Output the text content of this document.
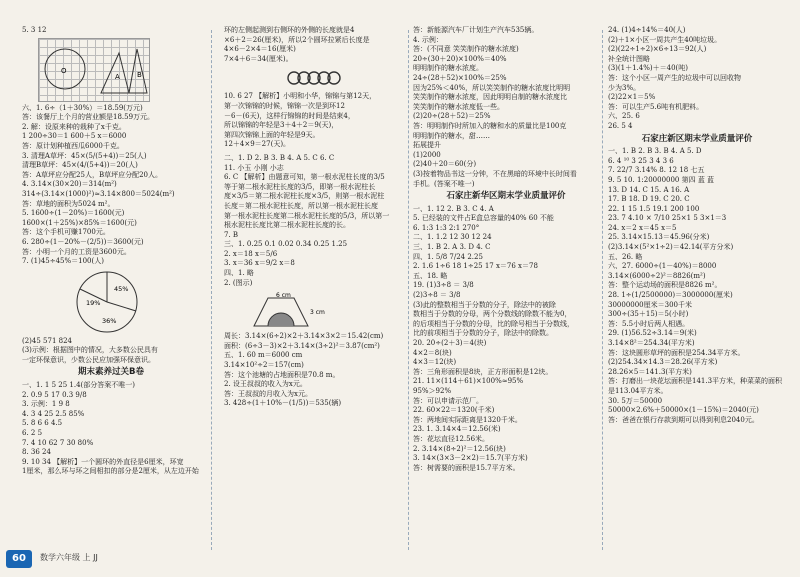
5. 3 12
O
A B
六、1. 6÷（1＋30%）＝18.59(万元)
答：该餐厅上个月的营业额是18.59万元。
2. 解：设原来种的栽种了x千克。
1 200÷30＝1 600＋5 x＝6000
答：原计划种植西瓜6000千克。
3. 清理A草坪：45×(5/(5+4))＝25(人)
清理B草坪：45×(4/(5+4))＝20(人)
答：A草坪应分配25人，B草坪应分配20人。
4. 3.14×(30×20)＝314(m²)
314÷(3.14×(1000)²)≈3.14×800＝5024(m²)
答：草地的面积为5024 m²。
5. 1600÷(1－20%)＝1600(元)
1600×(1＋25%)×85%＝1600(元)
答：这个手机可赚1700元。
6. 280÷(1－20%－(2/5))＝3600(元)
答：小明一个月的工资是3600元。
7. (1)45÷45%＝100(人)
45%
19%
36%
(2)45 571 824
(3)示例：根据图中的情况，大多数公民具有
一定环保意识，少数公民应加强环保意识。
期末素养过关B卷
一、1. 1 5 25 1.4(部分答案不唯一)
2. 0.9 5 17 0.3 9/8
3. 示例：1 9 8
4. 3 4 25 2.5 85%
5. 8 6 6 4.5
6. 2 5
7. 4 10 62 7 30 80%
8. 36 24
9. 10 34 【解析】一个圆环的外直径是6厘米，环宽
1厘米，那么环与环之间相扣的部分是2厘米，从左边开始
环的左侧起测到右侧环的外侧的长度就是4
×6＋2＝26(厘米)，所以2个圆环拉紧后长度是
4×6－2×4＝16(厘米)
7×4＋6＝34(厘米)。
10. 6 27 【解析】小明和小华，锦锦与第12天，
第一次锦锦的时候，锦锦一次是到环12
－6－(6天)，这样行锦锦的时间是结束4，
所以锦锦的年轻是3＋4＋2＝9(天)，
第四次锦锦上面的年轻是9天。
12＋4×9＝27(天)。
二、1. D 2. B 3. B 4. A 5. C 6. C
11. 小玉 小刚 小志
6. C 【解析】由题意可知，第一根水泥柱长度的3/5
等于第二根水泥柱长度的3/5，即第一根水泥柱长
度×3/5＝第二根水泥柱长度×3/5，则第一根水泥柱
长度＝第二根水泥柱长度，所以第一根水泥柱长度
第一根水泥柱长度第二根水泥柱长度的5/3，所以第一
根水泥柱长度比第二根水泥柱长度的长。
7. B
三、1. 0.25 0.1 0.02 0.34 0.25 1.25
2. x＝18 x＝5/6
3. x＝36 x＝9/2 x＝8
四、1. 略
2. (图示)
6 cm
3 cm
周长：3.14×(6÷2)×2＋3.14×3×2＝15.42(cm)
面积：(6÷3－3)×2＋3.14×(3÷2)²＝3.87(cm²)
五、1. 60 m＝6000 cm
3.14×10²÷2＝157(cm)
答：这个池塘的占地面积是70.8 m。
2. 设王叔叔的收入为x元。
答：王叔叔的月收入为x元。
3. 428÷(1＋10%－(1/5))＝535(辆)
答：新能源汽车厂计划生产汽车535辆。
4. 示例：
答：(不同意 笑笑制作的糖水浓度)
20÷(30＋20)×100%＝40%
明明制作的糖水浓度。
24÷(28＋52)×100%＝25%
因为25%＜40%，所以笑笑制作的糖水浓度比明明
笑笑制作的糖水浓度，因此明明自制的糖水浓度比
笑笑制作的糖水浓度低一些。
(2)20÷(28＋52)＝25%
答：明明制作时所加入的糖和水的质量比是100克
明明制作的糖水，甜……
拓展提升
(1)2000
(2)40＋20＝60(分)
(3)按着物品书这一分钟，不在黑暗的环境中长时间看
手机。(答案不唯一)
石家庄新华区期末学业质量评价
一、1. 12 2. B 3. C 4. A
5. 已经装的文件占E盒总容量的40% 60 不能
6. 1:3 1:3 2:1 270°
二、1. 1.2 12 30 12 24
三、1. B 2. A 3. D 4. C
四、1. 5/8 7/24 2.25
2. 1.6 1÷6 18 1÷25 17 x＝76 x＝78
五、18. 略
19. (1)3÷8 ＝ 3/8
(2)3÷8 ＝ 3/8
(3)此的整数相当于分数的分子，除法中的被除
数相当于分数的分母，两个分数线的除数不能为0，
的后项相当于分数的分母，比的除号相当于分数线，
比的前项相当于分数的分子，除法中的除数。
20. 20÷(2＋3)＝4(块)
4×2＝8(块)
4×3＝12(块)
答：三角形面积是8块，正方形面积是12块。
21. 11×(114＋61)×100%≈95%
95%＞92%
答：可以申请示范厂。
22. 60×22＝1320(千米)
答：两地间实际距离是1320千米。
23. 1. 3.14×4＝12.56(米)
答：花坛直径12.56米。
2. 3.14×(8÷2)²＝12.56(块)
3. 14×(3×3－2×2)＝15.7(平方米)
答：树需要的面积是15.7平方米。
24. (1)4÷14%＝40(人)
(2)＋1×小区一周共产生40吨垃圾。
(2)(22÷1÷2)×6÷13＝92(人)
补全统计图略
(3)(1＋1.4%)＋＝40(吨)
答：这个小区一周产生的垃圾中可以回收物
少为3%。
(2)22×1＝5%
答：可以生产5.6吨有机肥料。
六、25. 6
26. 5 4
石家庄新区期末学业质量评价
一、1. B 2. B 3. B 4. A 5. D
6. 4 ¹⁰ 3 25 3 4 3 6
7. 22/7 3.14% 8. 12 18 七五
9. 5 10. 1:20000000 第四 蓝 蓝
13. D 14. C 15. A 16. A
17. B 18. D 19. C 20. C
22. 1 15 1.5 19.1 200 100
23. 7 4.10 × 7/10 25×1 5 3×1＝3
24. x＝2 x＝45 x＝5
25. 3.14×15.13＝45.96(分米)
(2)3.14×(5²×1÷2)＝42.14(平方分米)
五、26. 略
六、27. 6000÷(1－40%)＝8000
3.14×(6000÷2)²＝8826(m²)
答：整个运动场的面积是8826 m²。
28. 1÷(1/2500000)＝3000000(厘米)
30000000厘米＝300千米
300÷(35＋15)＝5(小时)
答：5.5小时后两人相遇。
29. (1)56.52÷3.14＝9(米)
3.14×8²＝254.34(平方米)
答：这块圆形草坪的面积是254.34平方米。
(2)254.34×14.3＝28.26(平方米)
28.26×5＝141.3(平方米)
答：打磨出一块花坛面积是141.3平方米，种菜菜的面积
是113.04平方米。
30. 5万＝50000
50000×2.6%＋50000×(1－15%)＝2040(元)
答：爸爸在银行存款到期可以得到利息2040元。
60	数学六年级 上 JJ
